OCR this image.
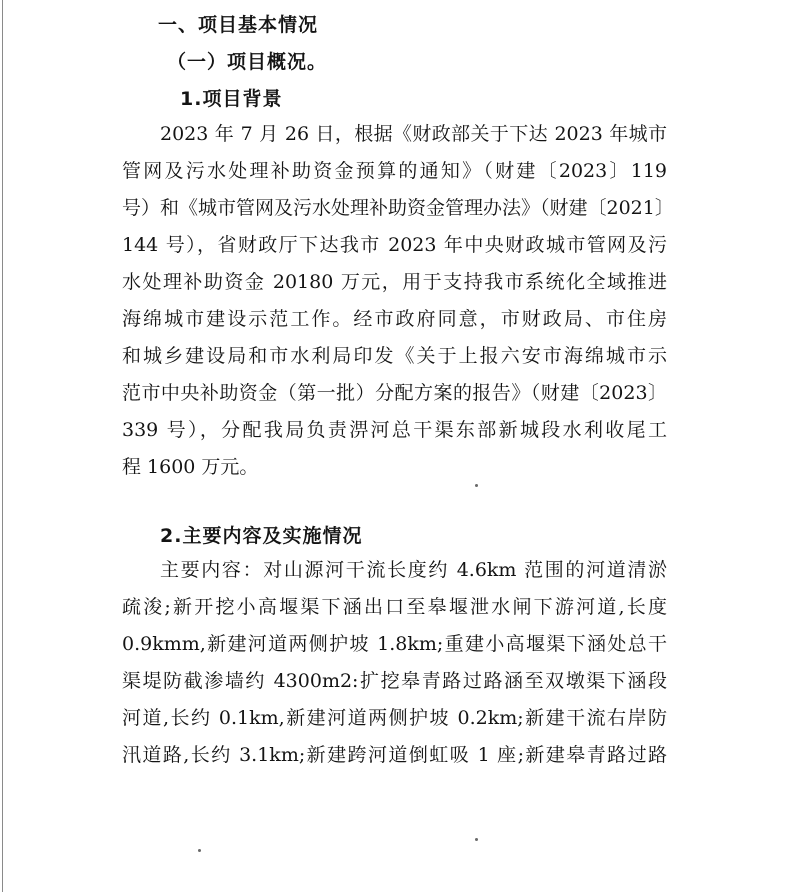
一、项目基本情况
（一）项目概况。
1.项目背景
2023 年 7 月 26 日，根据《财政部关于下达 2023 年城市
管网及污水处理补助资金预算的通知》（财建〔2023〕119
号）和《城市管网及污水处理补助资金管理办法》（财建〔2021〕
144 号），省财政厅下达我市 2023 年中央财政城市管网及污
水处理补助资金 20180 万元，用于支持我市系统化全域推进
海绵城市建设示范工作。经市政府同意，市财政局、市住房
和城乡建设局和市水利局印发《关于上报六安市海绵城市示
范市中央补助资金（第一批）分配方案的报告》（财建〔2023〕
339 号），分配我局负责淠河总干渠东部新城段水利收尾工
程 1600 万元。
2.主要内容及实施情况
主要内容：对山源河干流长度约 4.6km 范围的河道清淤
疏浚;新开挖小高堰渠下涵出口至皋堰泄水闸下游河道,长度
0.9kmm,新建河道两侧护坡 1.8km;重建小高堰渠下涵处总干
渠堤防截渗墙约 4300m2:扩挖皋青路过路涵至双墩渠下涵段
河道,长约 0.1km,新建河道两侧护坡 0.2km;新建干流右岸防
汛道路,长约 3.1km;新建跨河道倒虹吸 1 座;新建皋青路过路
